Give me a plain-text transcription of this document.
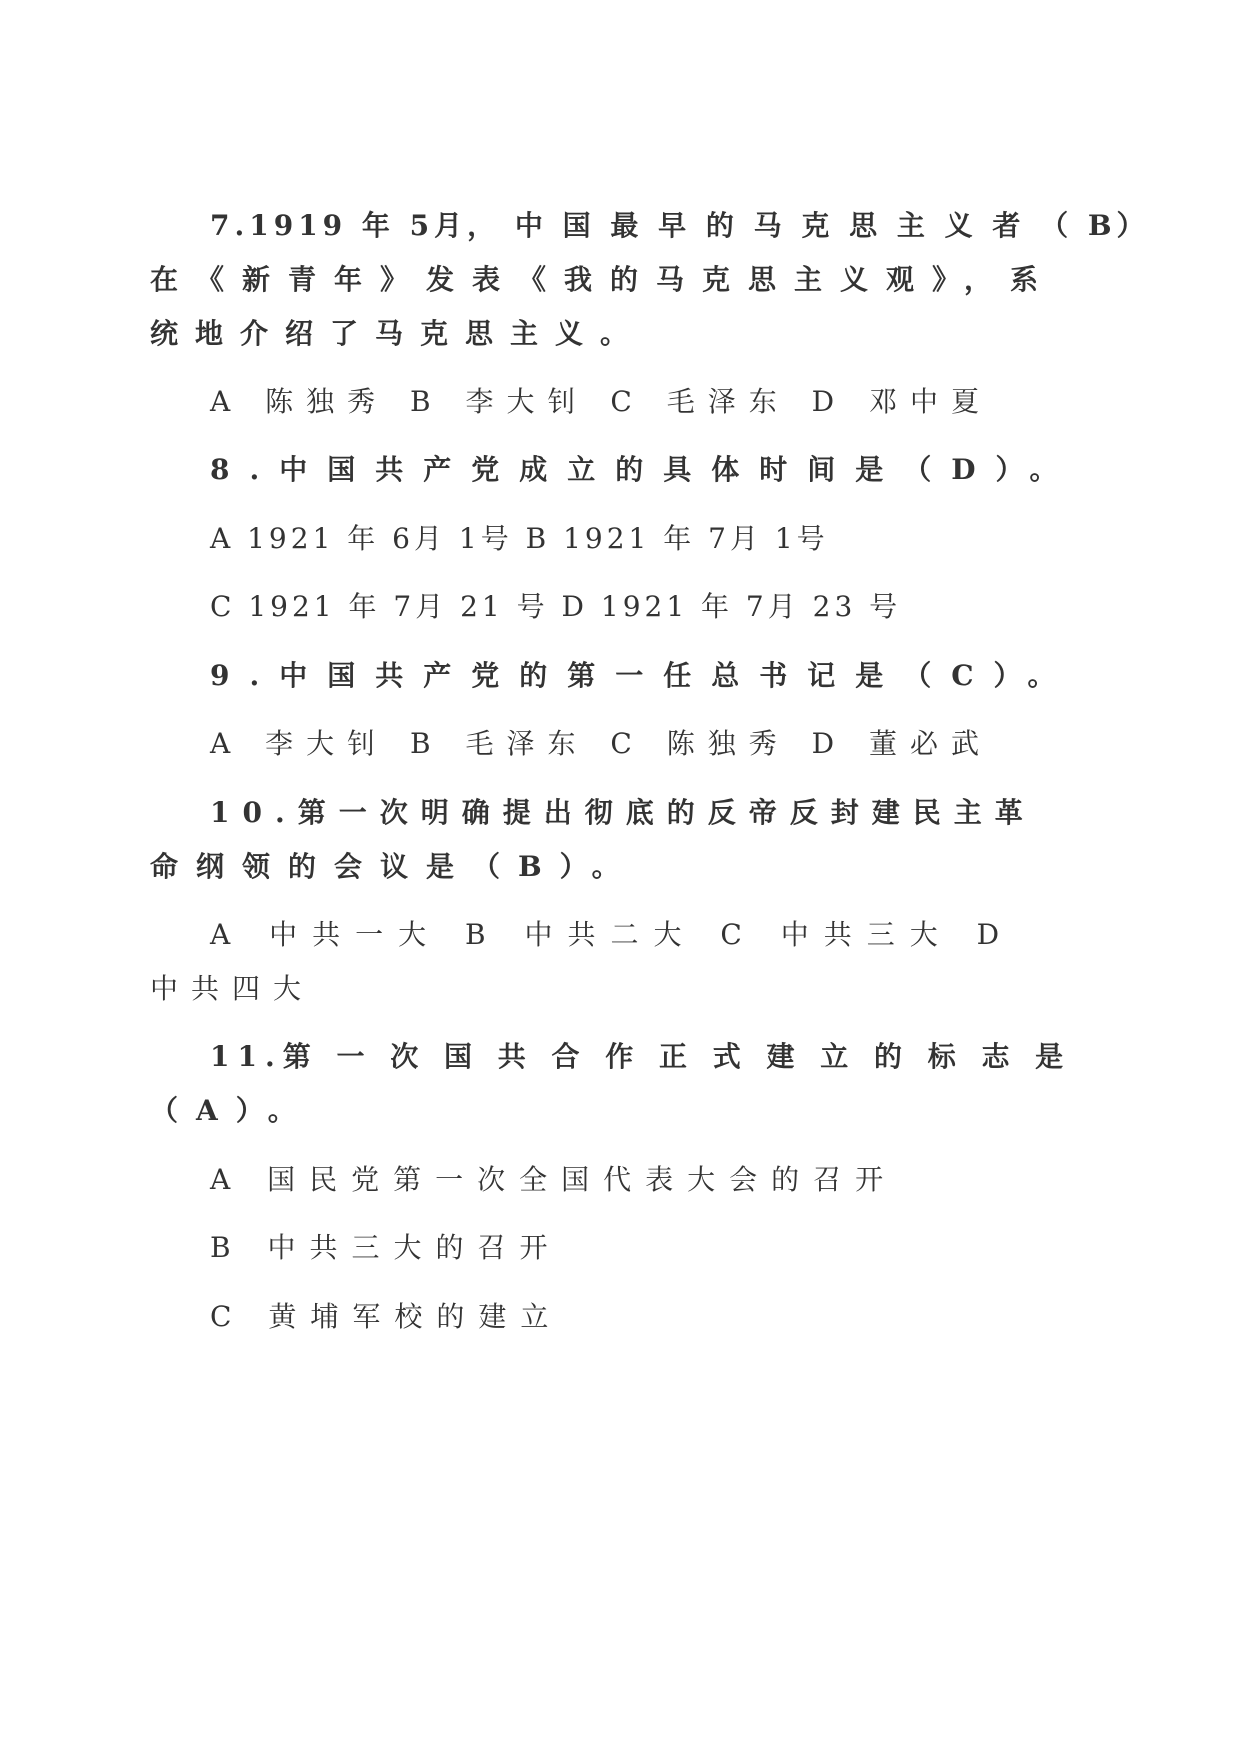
7.1919 年 5月， 中 国 最 早 的 马 克 思 主 义 者 （ B）

在《新青年》发表《我的马克思主义观》，系

统地介绍了马克思主义。

A 陈独秀 B 李大钊 C 毛泽东 D 邓中夏

8.中国共产党成立的具体时间是（D）。

A 1921 年 6月 1号 B 1921 年 7月 1号

C 1921 年 7月 21 号 D 1921 年 7月 23 号

9.中国共产党的第一任总书记是（C）。

A 李大钊 B 毛泽东 C 陈独秀 D 董必武

10.第一次明确提出彻底的反帝反封建民主革

命纲领的会议是（B）。

A 中共一大 B 中共二大 C 中共三大 D

中共四大

11.第 一 次 国 共 合 作 正 式 建 立 的 标 志 是

（A）。

A 国民党第一次全国代表大会的召开

B 中共三大的召开

C 黄埔军校的建立
